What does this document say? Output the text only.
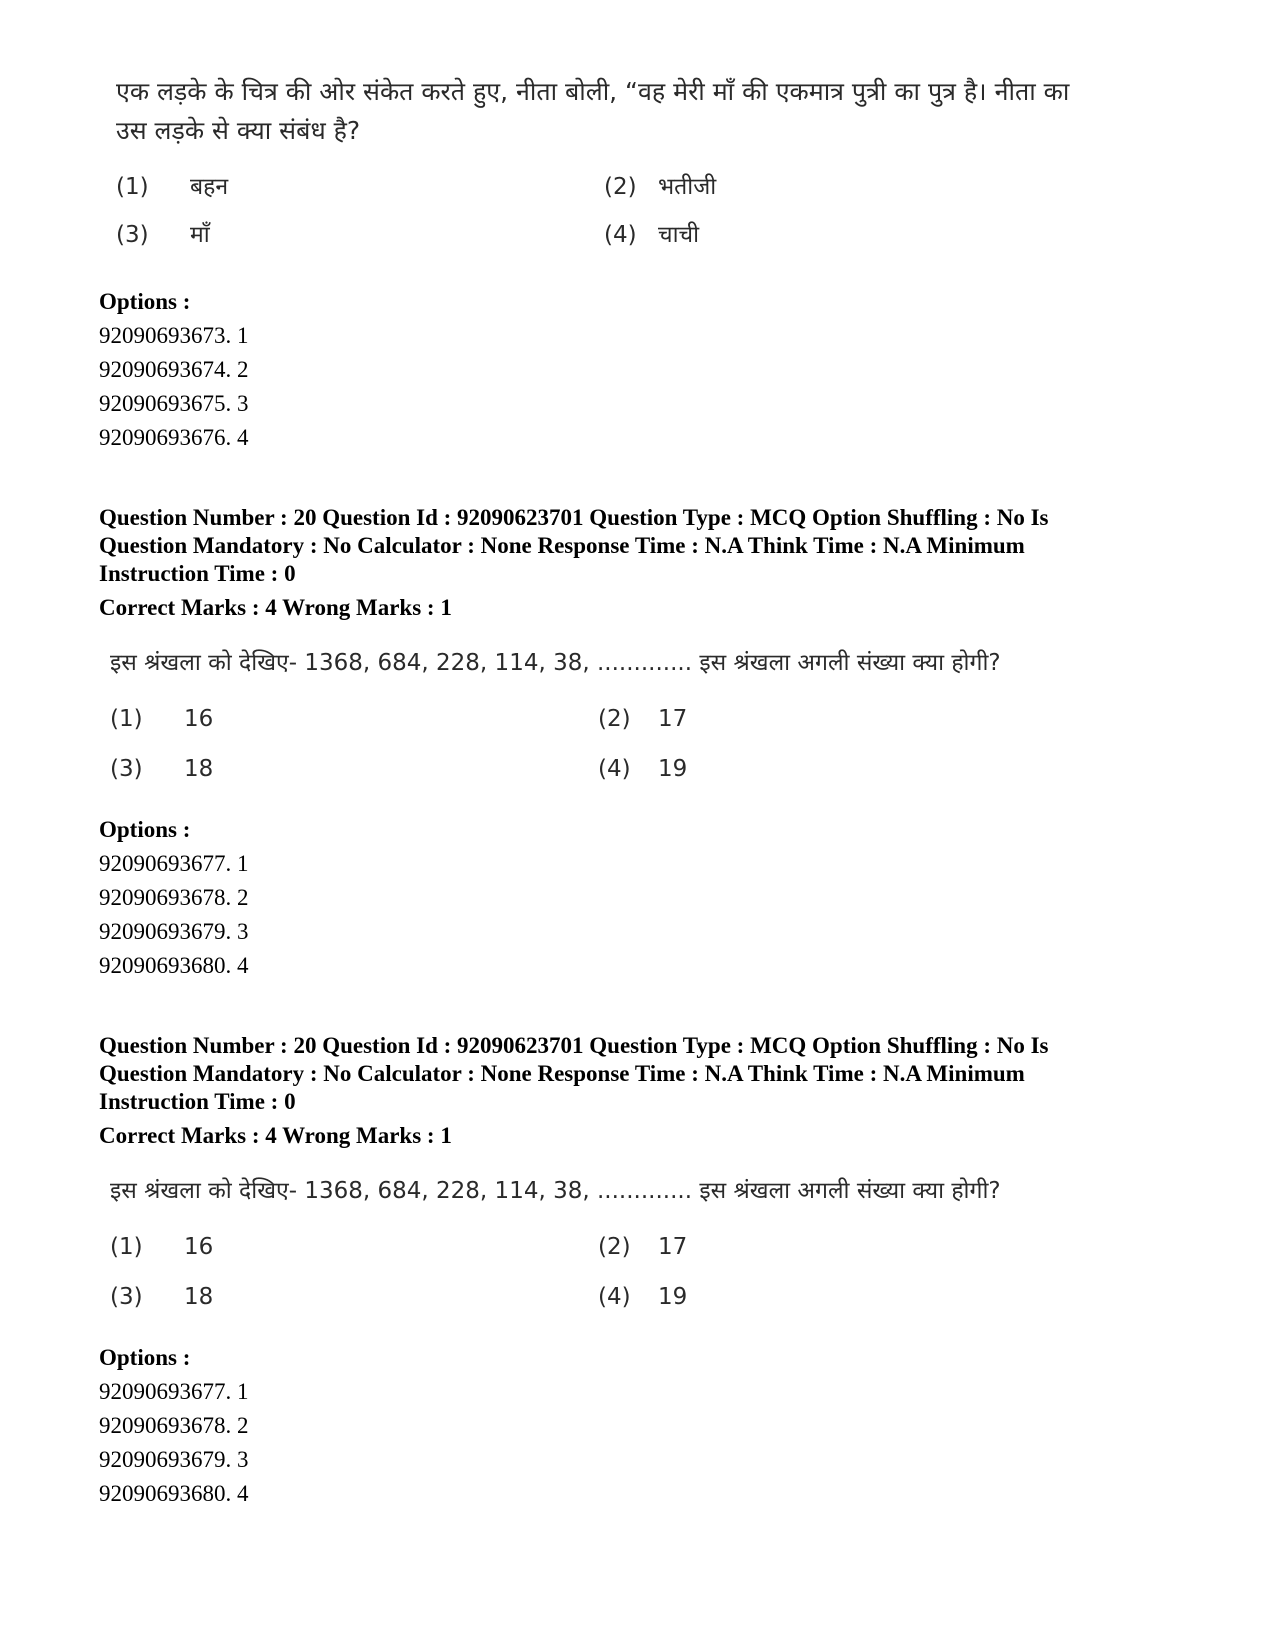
एक लड़के के चित्र की ओर संकेत करते हुए, नीता बोली, “वह मेरी माँ की एकमात्र पुत्री का पुत्र है। नीता का
उस लड़के से क्या संबंध है?
(1) बहन	(2) भतीजी
(3) माँ	(4) चाची
Options :
92090693673. 1
92090693674. 2
92090693675. 3
92090693676. 4
Question Number : 20 Question Id : 92090623701 Question Type : MCQ Option Shuffling : No Is
Question Mandatory : No Calculator : None Response Time : N.A Think Time : N.A Minimum
Instruction Time : 0
Correct Marks : 4 Wrong Marks : 1
इस श्रंखला को देखिए- 1368, 684, 228, 114, 38, ............. इस श्रंखला अगली संख्या क्या होगी?
(1) 16	(2) 17
(3) 18	(4) 19
Options :
92090693677. 1
92090693678. 2
92090693679. 3
92090693680. 4
Question Number : 20 Question Id : 92090623701 Question Type : MCQ Option Shuffling : No Is
Question Mandatory : No Calculator : None Response Time : N.A Think Time : N.A Minimum
Instruction Time : 0
Correct Marks : 4 Wrong Marks : 1
इस श्रंखला को देखिए- 1368, 684, 228, 114, 38, ............. इस श्रंखला अगली संख्या क्या होगी?
(1) 16	(2) 17
(3) 18	(4) 19
Options :
92090693677. 1
92090693678. 2
92090693679. 3
92090693680. 4
